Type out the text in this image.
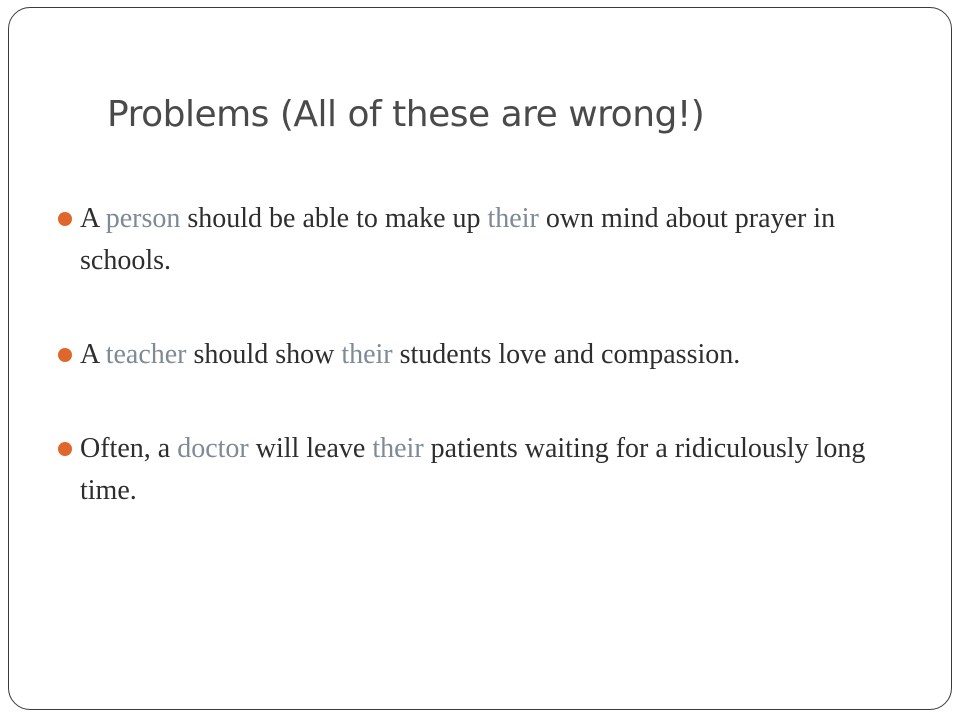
Problems (All of these are wrong!)
A person should be able to make up their own mind about prayer in schools.
A teacher should show their students love and compassion.
Often, a doctor will leave their patients waiting for a ridiculously long time.
